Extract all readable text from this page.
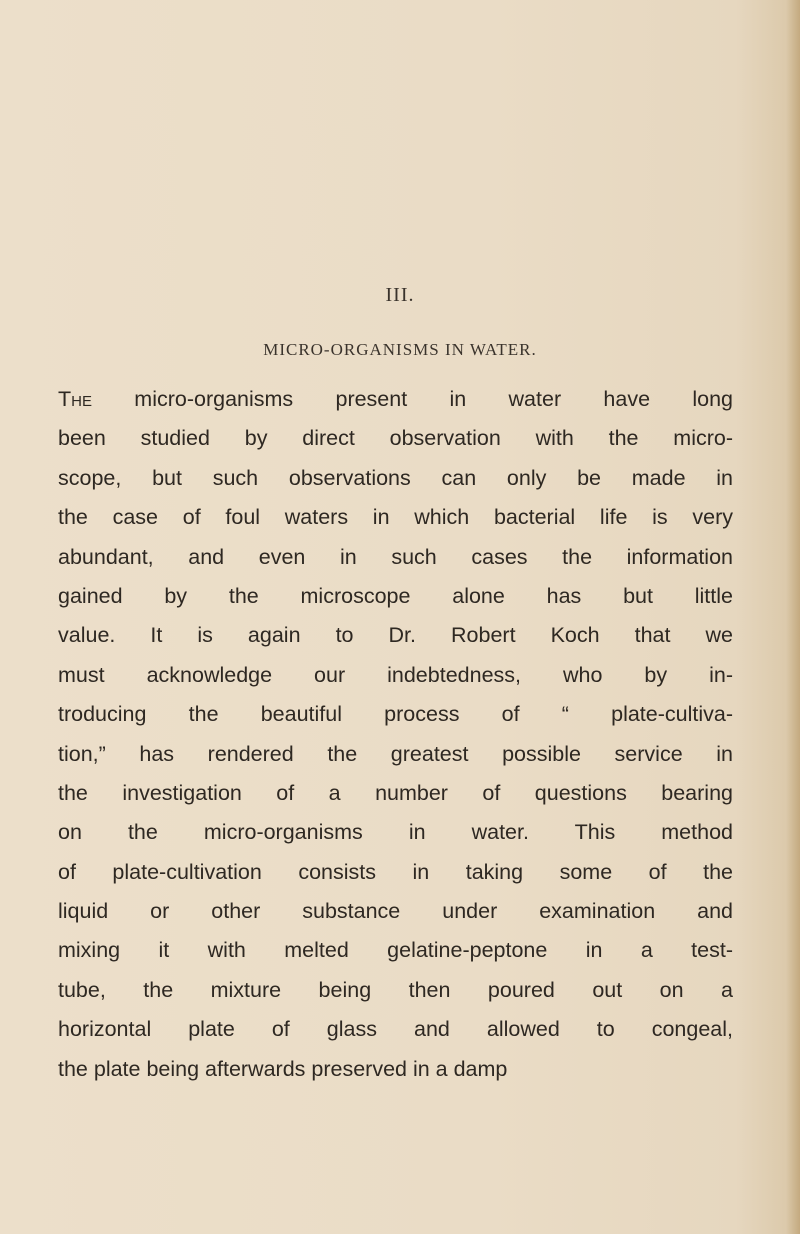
III.
MICRO-ORGANISMS IN WATER.
The micro-organisms present in water have long
been studied by direct observation with the micro-
scope, but such observations can only be made in
the case of foul waters in which bacterial life is very
abundant, and even in such cases the information
gained by the microscope alone has but little
value. It is again to Dr. Robert Koch that we
must acknowledge our indebtedness, who by in-
troducing the beautiful process of “ plate-cultiva-
tion,” has rendered the greatest possible service in
the investigation of a number of questions bearing
on the micro-organisms in water. This method
of plate-cultivation consists in taking some of the
liquid or other substance under examination and
mixing it with melted gelatine-peptone in a test-
tube, the mixture being then poured out on a
horizontal plate of glass and allowed to congeal,
the plate being afterwards preserved in a damp
